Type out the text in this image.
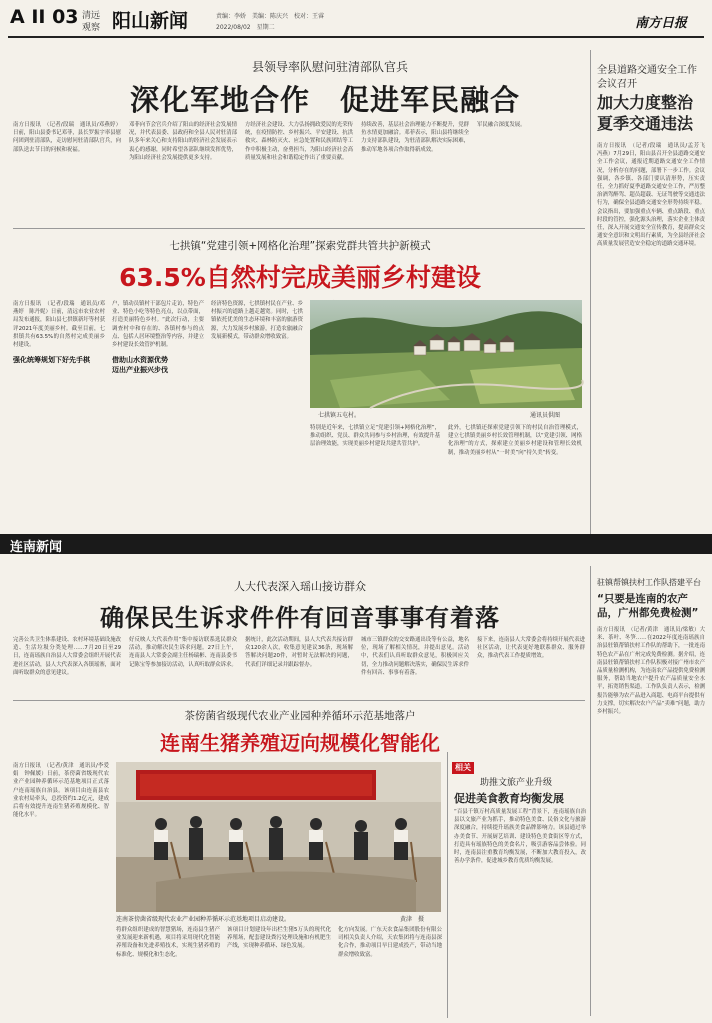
A II 03 清远
观察 阳山新闻	责编：李娇　美编：陈庆兴　校对：王睿
2022/08/02　星期二	南方日报
县领导率队慰问驻清部队官兵
深化军地合作　促进军民融合
南方日报讯　（记者/段瑞　通讯员/邓燕婷）日前，阳山县委书记邓菲，县长罗振宇率县慰问团到驻清部队，走访慰问驻清部队官兵，向部队送去节日的问候和祝福。
邓菲向节会官兵介绍了阳山的经济社会发展情况，并代表县委、县政府和全县人民对驻清部队多年来关心和支持阳山的经济社会发展表示衷心的感谢，同时希望各部队继续发挥优势，为阳山经济社会发展提供更多支持。
方经济社会建设、大力弘扬拥政爱民的光荣传统，在疫情防控、乡村振兴、平安建设、抗洪救灾、森林防灭火、应急处置和民族团结等工作中积极主动，奋勇担当，为阳山经济社会高质量发展和社会和谐稳定作出了重要贡献。
持续改善，基层社会治理能力不断提升，党群鱼水情更加融洽。邓菲表示，阳山县将继续全力支持部队建设，为驻清部队解决实际困难，推动军地各项合作取得新成效。
军民融合深度发展。
全县道路交通安全工作会议召开
加大力度整治夏季交通违法
南方日报讯　（记者/段瑞　通讯员/孟芳飞　冯燕）7月29日，阳山县召开全县道路交通安全工作会议，通报近期道路交通安全工作情况，分析存在的问题，部署下一步工作。会议强调，各乡镇、各部门要认清形势，压实责任，全力抓好夏季道路交通安全工作，严厉整治酒驾醉驾、超员超载、无证驾驶等交通违法行为，确保全县道路交通安全形势持续平稳。会议指出，要加强重点车辆、重点路段、重点时段的管控，强化源头治理，落实企业主体责任，深入开展交通安全宣传教育，提高群众交通安全意识和文明出行素质，为全县经济社会高质量发展营造安全稳定的道路交通环境。
七拱镇“党建引领+网格化治理”探索党群共管共护新模式
63.5%自然村完成美丽乡村建设
南方日报讯　（记者/段瑞　通讯员/邓燕婷　陈丹妮）日前，清远市农业农村局发布通报，阳山县七拱镇新圩等村获评2021年度美丽乡村。截至目前，七拱镇共有63.5%的自然村完成美丽乡村建设。
强化统筹规划下好先手棋
户，镇动员镇村干部包片走访，特色产业、特色小吃等特色亮点，以点带面，打造美丽特色乡村。“此次行动，主要调查村中和存在的、各镇村参与的点点、包括人居环境整治等内容，并建立乡村建设长效管护机制。
借助山水资源优势
迈出产业振兴步伐
经济特色资源，七拱镇村民在产业、乡村振兴的道路上越走越宽。同时，七拱镇依托优美的生态环境和丰富的旅游资源，大力发展乡村旅游，打造农旅融合发展新模式，带动群众增收致富。
七拱镇五屯村。	通讯员供图
特别是近年来，七拱镇立足“党建引领+网格化治理”，推动组织、党员、群众共同参与乡村治理，有效提升基层治理效能，实现美丽乡村建设共建共管共护。
此外，七拱镇还探索党建引领下的村民自治管理模式，建立七拱镇美丽乡村长效管理机制，以“党建引领、网格化治理”的方式，探索建立美丽乡村建设和管理长效机制，推动美丽乡村从“一时美”向“持久美”转变。
连南新闻
人大代表深入瑶山接访群众
确保民生诉求件件有回音事事有着落
完善公共卫生体系建设、农村环境基础设施改造、生活垃圾分类处理……7月20日至29日，连南瑶族自治县人大常委会组织开展代表进社区活动，县人大代表深入各镇瑶寨，面对面听取群众的意见建议。
好反映人大代表作用“集中接访联系选民群众活动，推动解决民生诉求问题。27日上午，连南县人大常委会副主任杨瑞彬、连南县委书记陈宝等参加接访活动，认真听取群众诉求。
据统计，此次活动期间，县人大代表共接访群众120余人次，收集意见建议36条，现场解答解决问题20件，对暂时无法解决的问题，代表们详细记录并跟踪督办。
城市三镇群众的交安路通出设等有公益，地名位，现场了解相关情况，并提出意见。活动中，代表们认真听取群众意见，积极回应关切，全力推动问题解决落实，确保民生诉求件件有回音、事事有着落。
接下来，连南县人大常委会将持续开展代表进社区活动，让代表更好地联系群众、服务群众，推动代表工作提质增效。
驻镇帮镇扶村工作队搭建平台
“只要是连南的农产品，广州都免费检测”
南方日报讯　（记者/黄津　通讯员/梁敏）大米、茶叶、冬笋……在2022年度连南瑶族自治县驻镇帮镇扶村工作队的帮助下，一批连南特色农产品在广州完成免费检测。据介绍，连南县驻镇帮镇扶村工作队积极对接广州市农产品质量检测机构，为连南农产品提供免费检测服务，帮助当地农户提升农产品质量安全水平，拓宽销售渠道。工作队负责人表示，检测报告能够为农产品进入商超、电商平台提供有力支撑，切实解决农户产品“卖难”问题，助力乡村振兴。
茶傍菌省级现代农业产业园种养循环示范基地落户
连南生猪养殖迈向规模化智能化
南方日报讯　（记者/黄津　通讯员/李爱娟　钟佩媛）日前，茶傍菌省级现代农业产业园种养循环示范基地项目正式落户连南瑶族自治县。该项目由连南县农业农村局牵头，总投资约1.2亿元，建成后将有效提升连南生猪养殖规模化、智能化水平。
连南茶傍菌省级现代农业产业园种养循环示范基地项目启动建设。	黄津　摄
将群众组织建成的智慧猪场，连南县生猪产业发展迎来新机遇，项目将采用现代化智能养殖设备和先进养殖技术，实现生猪养殖的标准化、规模化和生态化。
该项目计划建设年出栏生猪5万头的现代化养殖场，配套建设粪污处理设施和有机肥生产线，实现种养循环、绿色发展。
化方向发展。广东天农食品集团股份有限公司相关负责人介绍，天农集团将与连南县深化合作，推动项目早日建成投产，带动当地群众增收致富。
相关
助推文旅产业升级
促进美食教育均衡发展
“百县千镇万村高质量发展工程”背景下，连南瑶族自治县以文旅产业为抓手，推动特色美食、民俗文化与旅游深度融合，持续提升瑶族美食品牌影响力。该县通过举办美食节、开展厨艺培训、建设特色美食街区等方式，打造具有瑶族特色的美食名片，吸引游客品尝体验。同时，连南县注重教育均衡发展，不断加大教育投入，改善办学条件，促进城乡教育优质均衡发展。
